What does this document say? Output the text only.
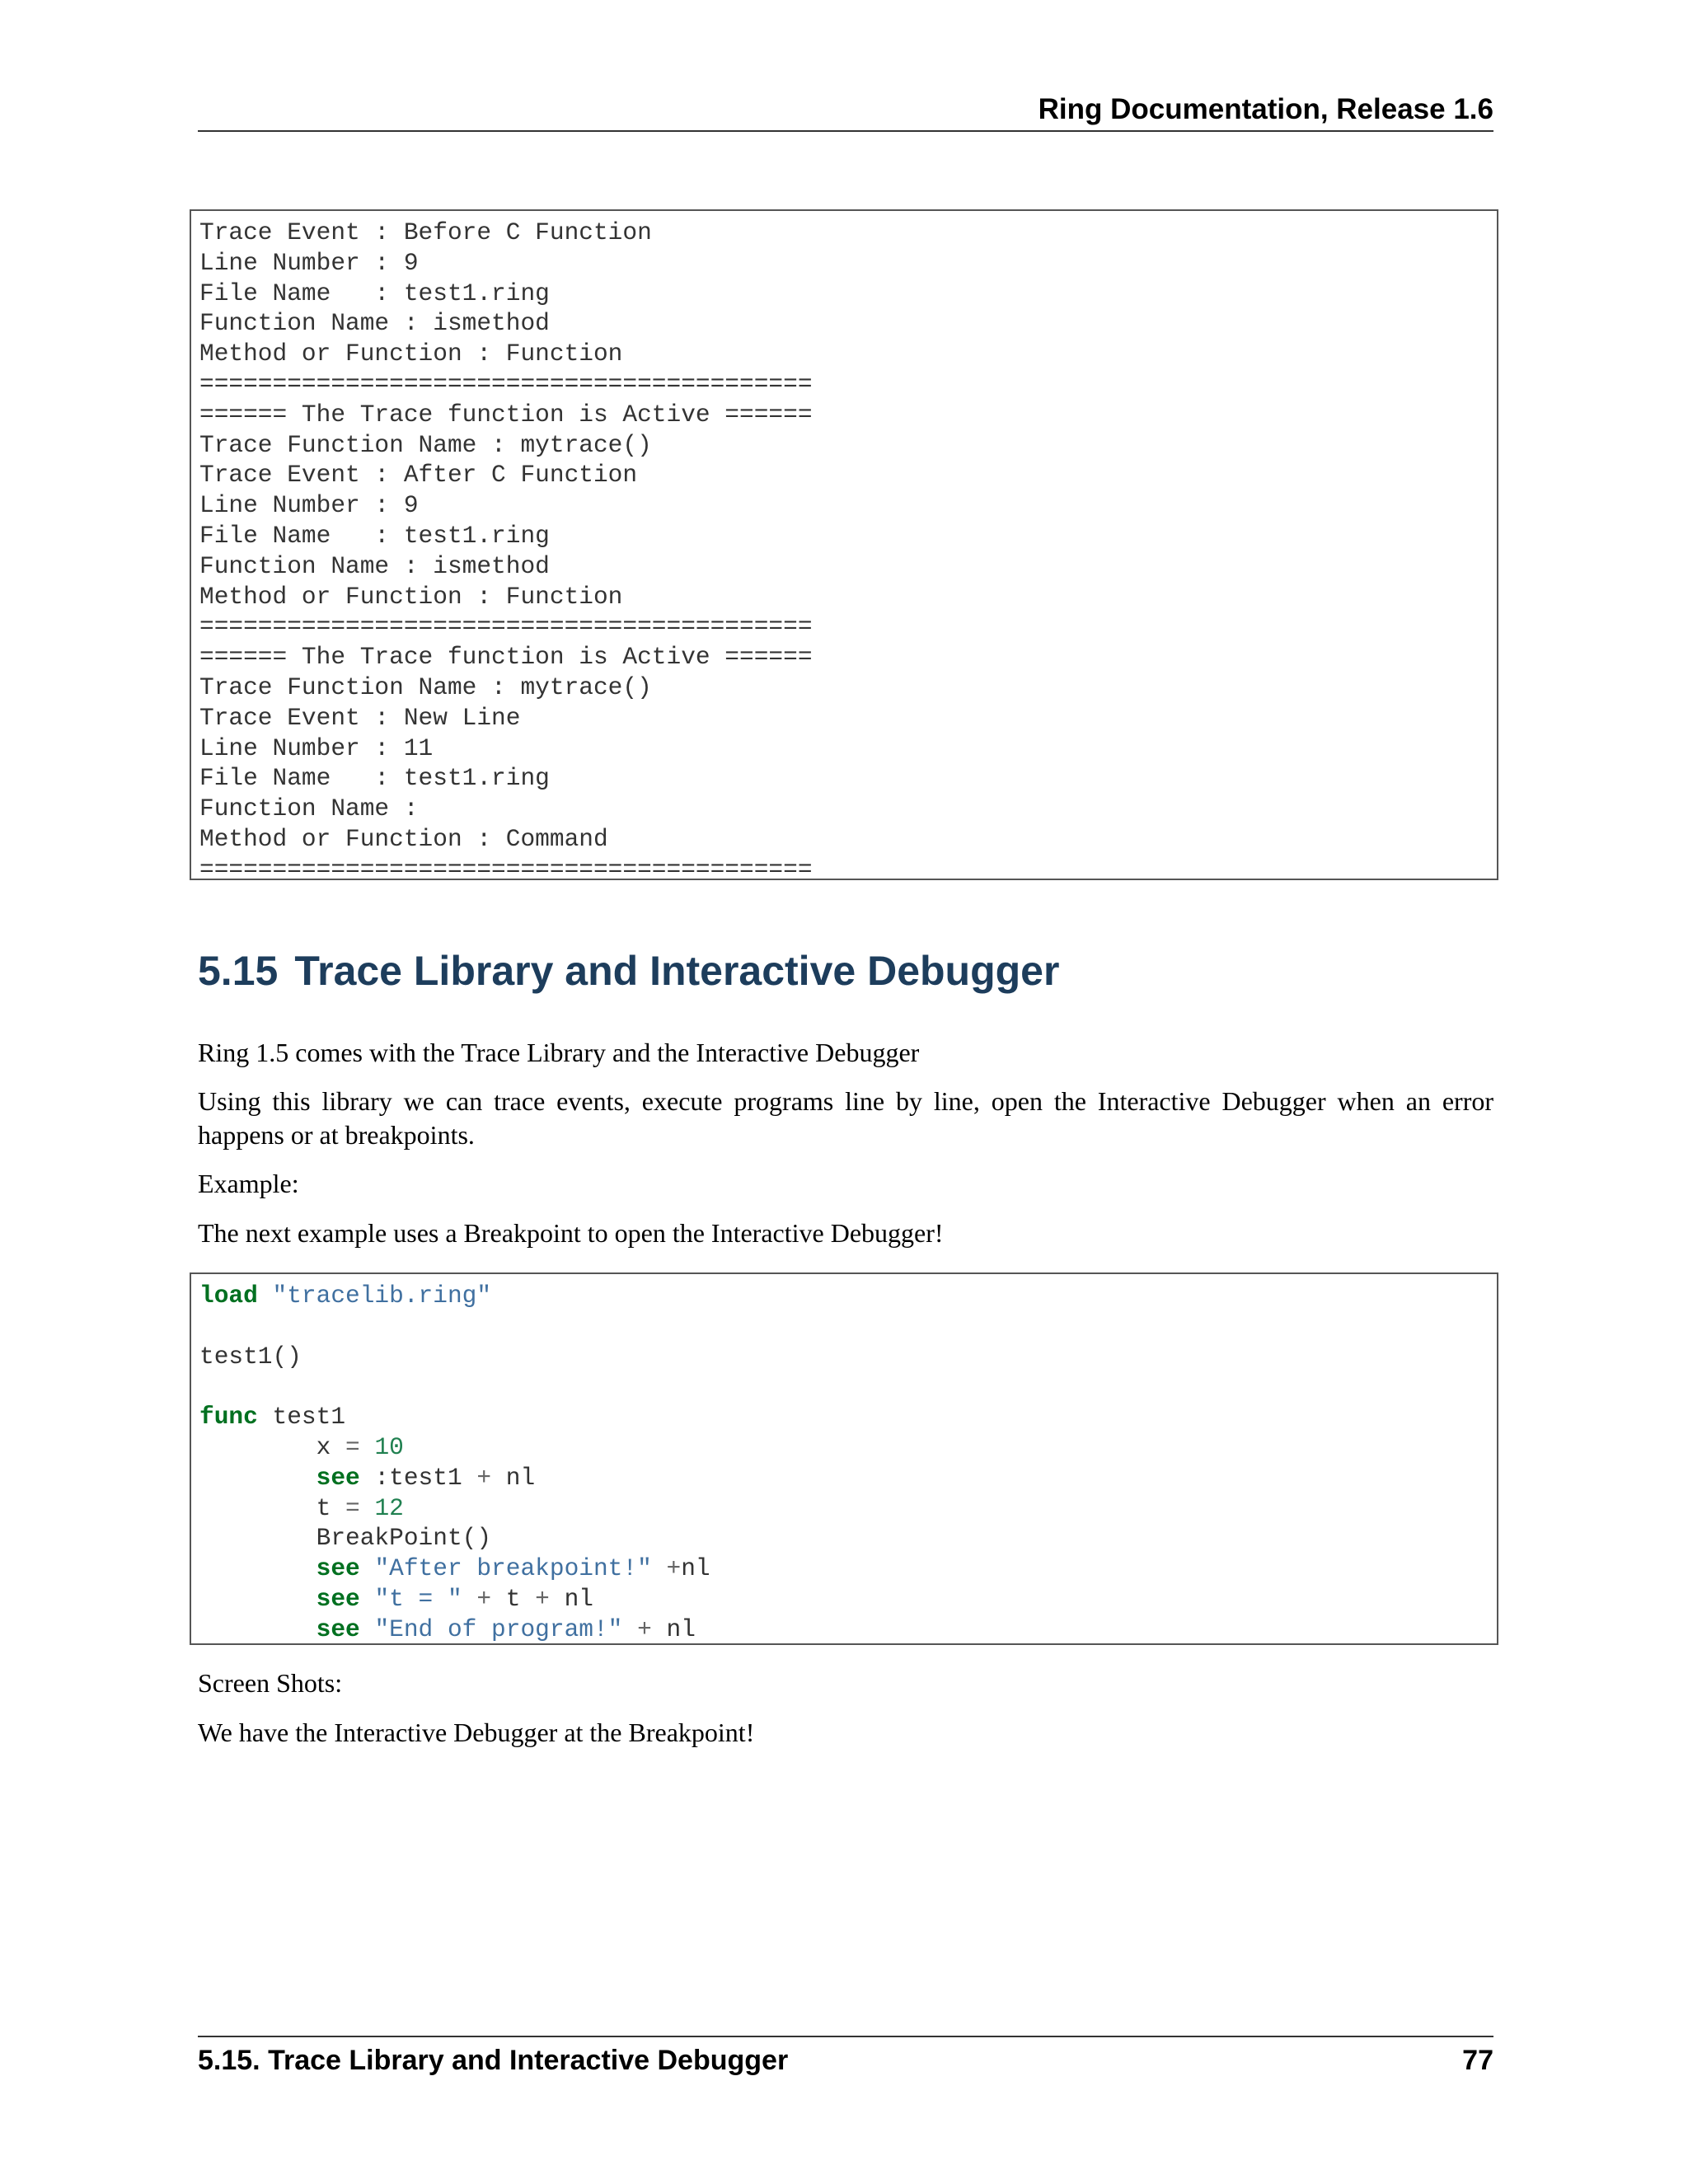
Ring Documentation, Release 1.6
Trace Event : Before C Function
Line Number : 9
File Name   : test1.ring
Function Name : ismethod
Method or Function : Function
==========================================
====== The Trace function is Active ======
Trace Function Name : mytrace()
Trace Event : After C Function
Line Number : 9
File Name   : test1.ring
Function Name : ismethod
Method or Function : Function
==========================================
====== The Trace function is Active ======
Trace Function Name : mytrace()
Trace Event : New Line
Line Number : 11
File Name   : test1.ring
Function Name :
Method or Function : Command
==========================================
5.15 Trace Library and Interactive Debugger

Ring 1.5 comes with the Trace Library and the Interactive Debugger

Using this library we can trace events, execute programs line by line, open the Interactive Debugger when an error happens or at breakpoints.

Example:

The next example uses a Breakpoint to open the Interactive Debugger!

load "tracelib.ring"

test1()

func test1
x = 10
see :test1 + nl
t = 12
BreakPoint()
see "After breakpoint!" +nl
see "t = " + t + nl
see "End of program!" + nl

Screen Shots:

We have the Interactive Debugger at the Breakpoint!

5.15. Trace Library and Interactive Debugger	77
